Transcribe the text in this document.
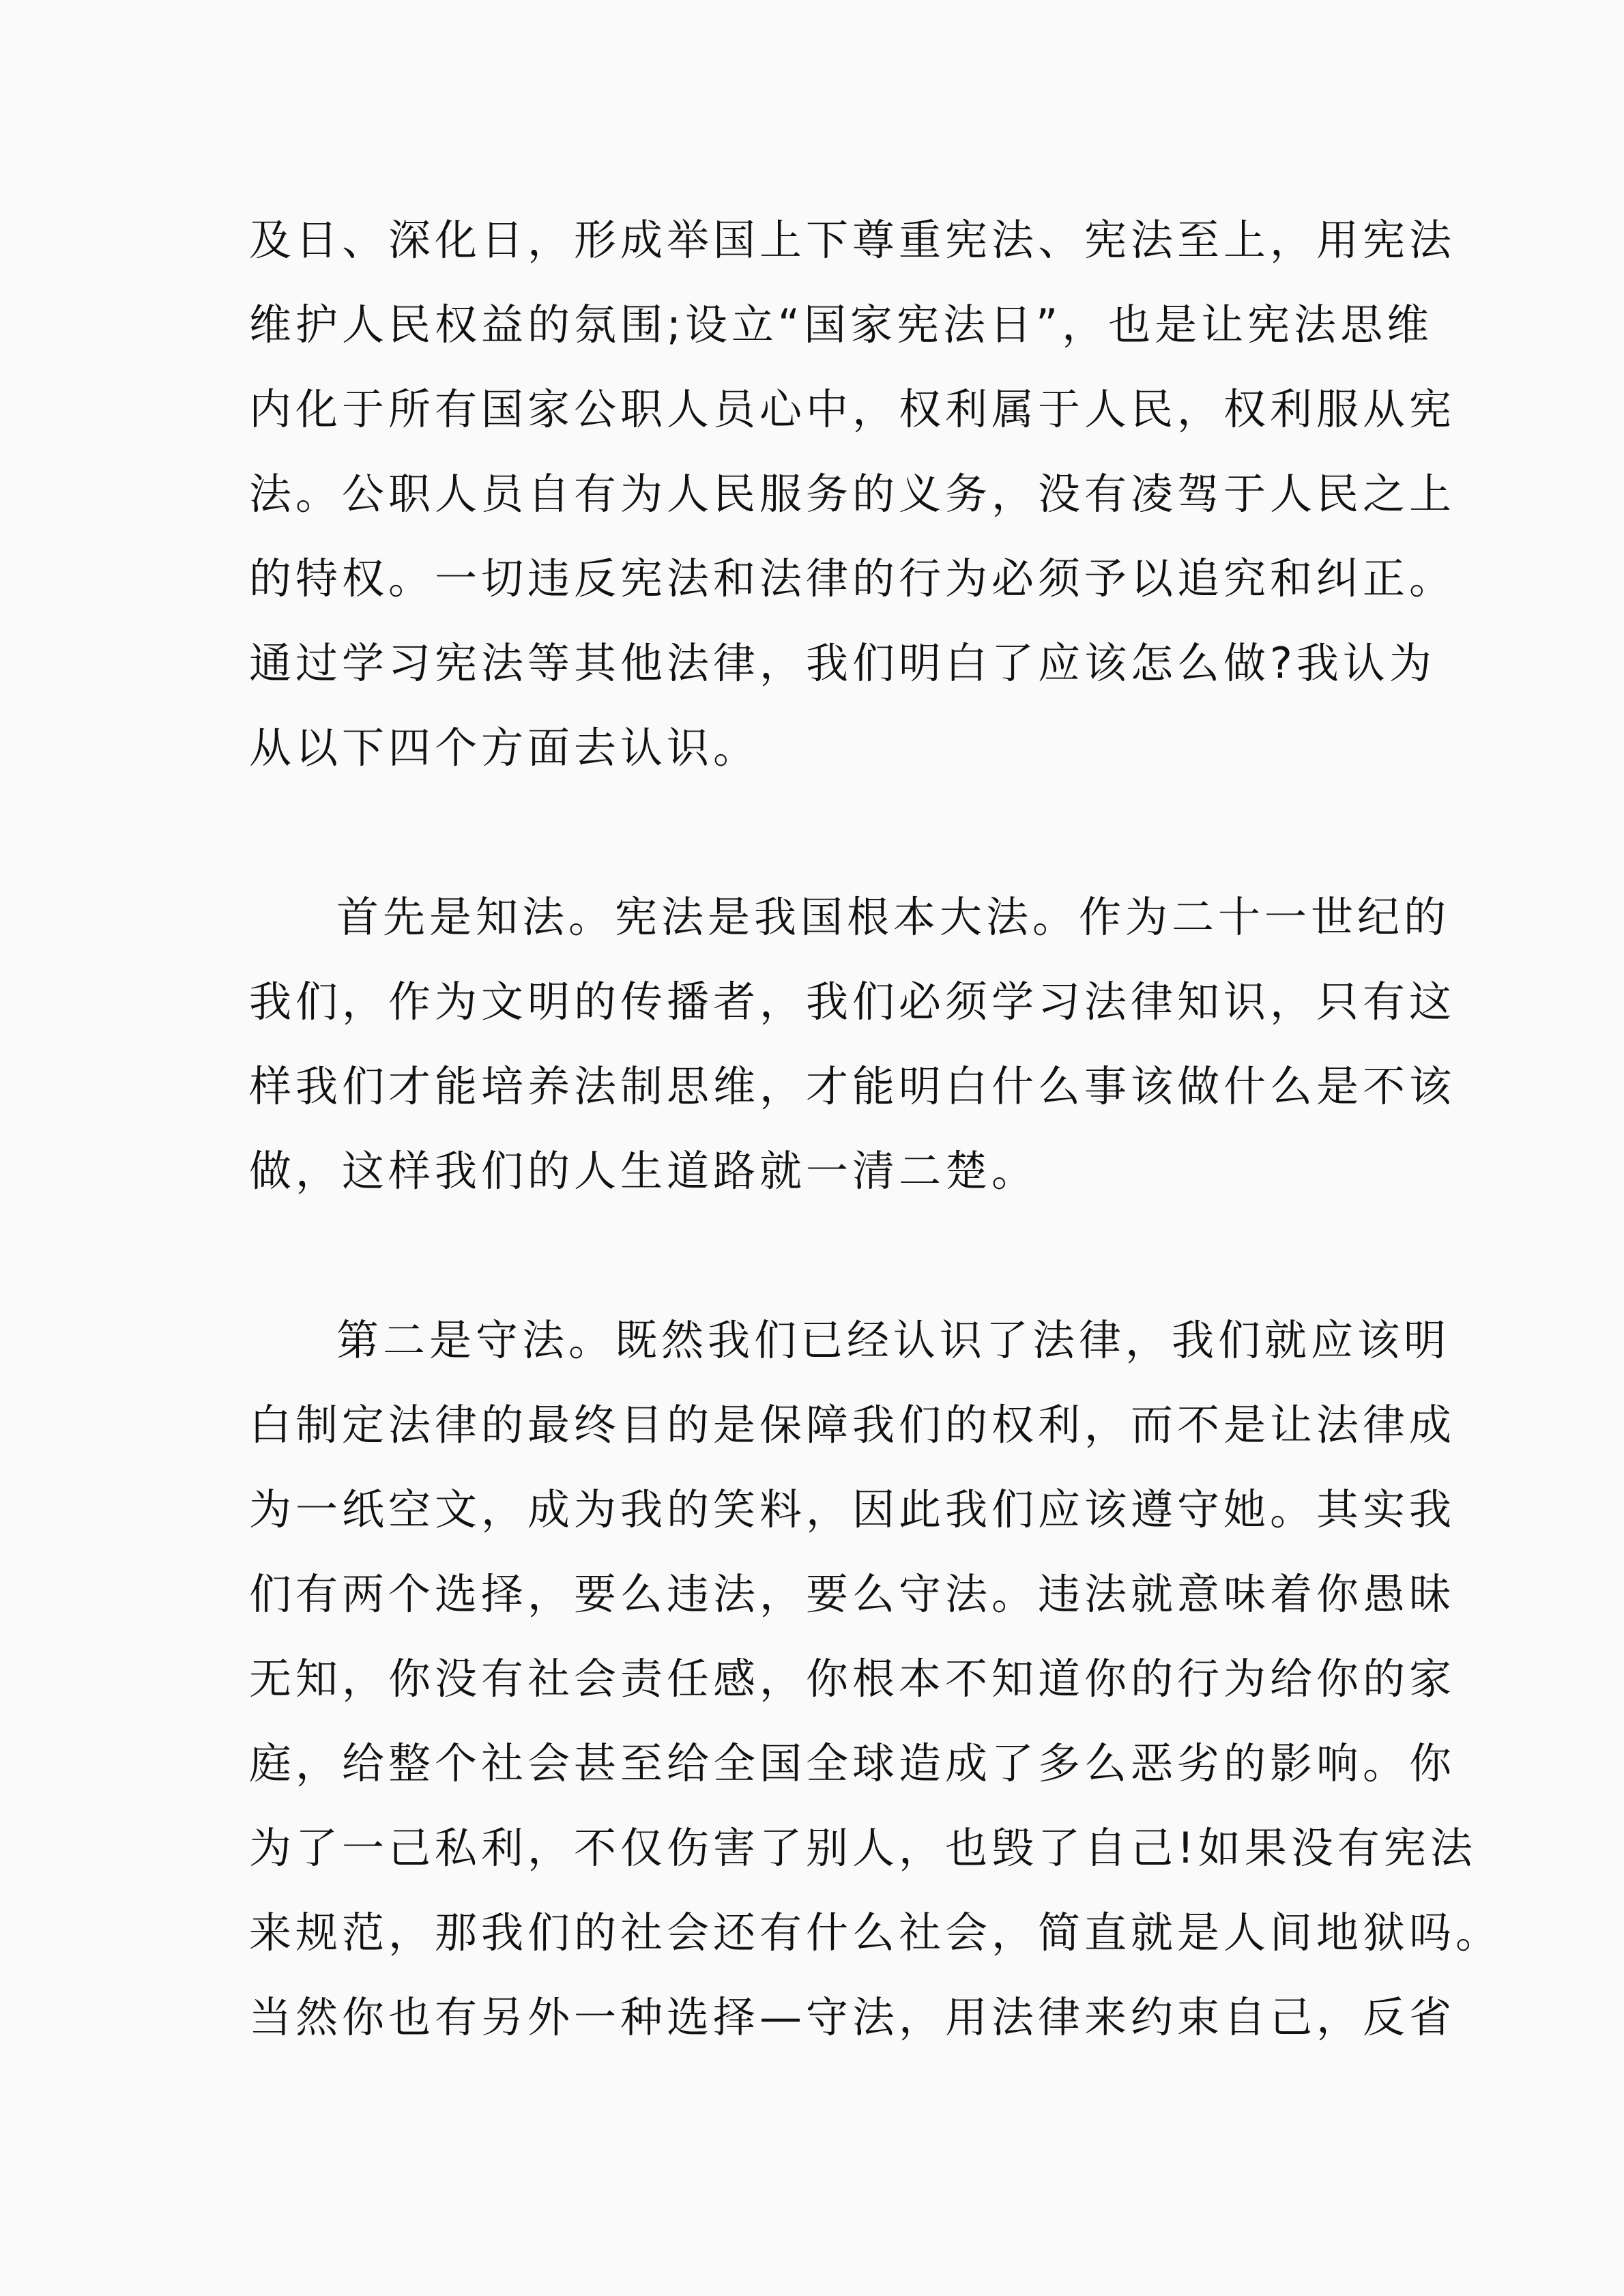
及日、深化日，形成举国上下尊重宪法、宪法至上，用宪法
维护人民权益的氛围;设立“国家宪法日”，也是让宪法思维
内化于所有国家公职人员心中，权利属于人民，权利服从宪
法。公职人员自有为人民服务的义务，没有凌驾于人民之上
的特权。一切违反宪法和法律的行为必须予以追究和纠正。
通过学习宪法等其他法律，我们明白了应该怎么做?我认为
从以下四个方面去认识。
首先是知法。宪法是我国根本大法。作为二十一世纪的
我们，作为文明的传播者，我们必须学习法律知识，只有这
样我们才能培养法制思维，才能明白什么事该做什么是不该
做，这样我们的人生道路就一清二楚。
第二是守法。既然我们已经认识了法律，我们就应该明
白制定法律的最终目的是保障我们的权利，而不是让法律成
为一纸空文，成为我的笑料，因此我们应该遵守她。其实我
们有两个选择，要么违法，要么守法。违法就意味着你愚昧
无知，你没有社会责任感，你根本不知道你的行为给你的家
庭，给整个社会甚至给全国全球造成了多么恶劣的影响。你
为了一己私利，不仅伤害了别人，也毁了自己!如果没有宪法
来规范，那我们的社会还有什么社会，简直就是人间地狱吗。
当然你也有另外一种选择—守法，用法律来约束自己，反省
